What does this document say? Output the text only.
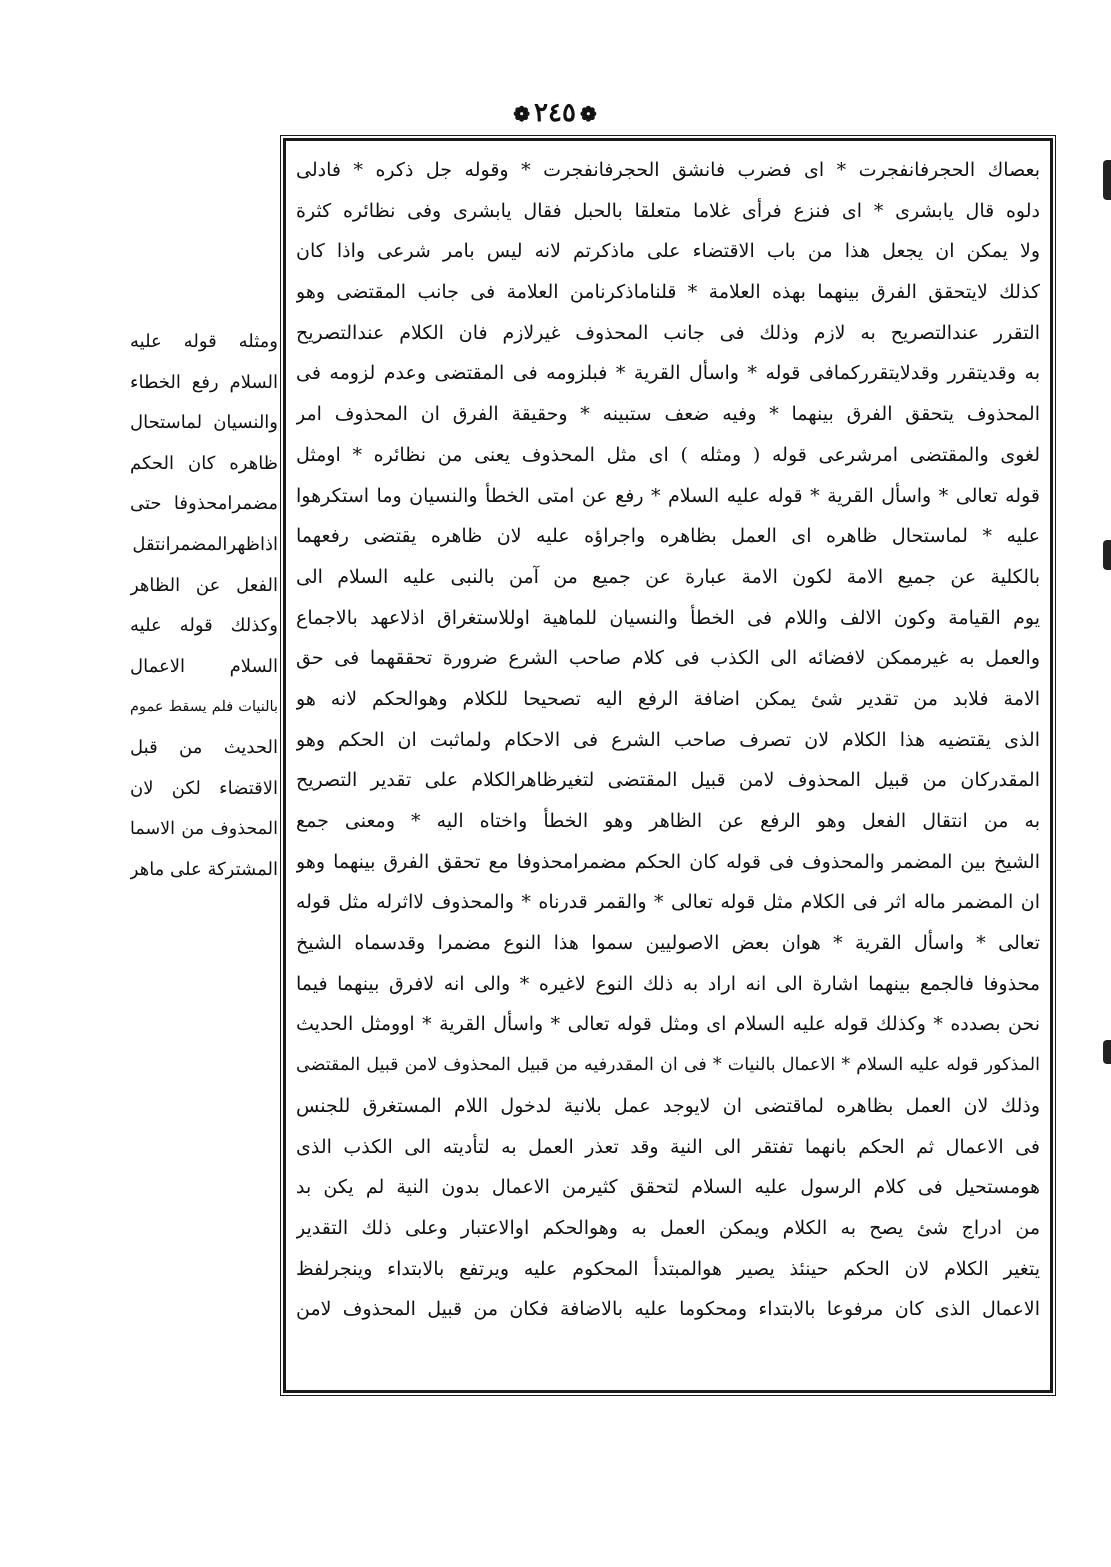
❁٢٤٥❁
بعصاك الحجرفانفجرت * اى فضرب فانشق الحجرفانفجرت * وقوله جل ذكره * فادلى
دلوه قال يابشرى * اى فنزع فرأى غلاما متعلقا بالحبل فقال يابشرى وفى نظائره كثرة
ولا يمكن ان يجعل هذا من باب الاقتضاء على ماذكرتم لانه ليس بامر شرعى واذا كان
كذلك لايتحقق الفرق بينهما بهذه العلامة * قلناماذكرنامن العلامة فى جانب المقتضى وهو
التقرر عندالتصريح به لازم وذلك فى جانب المحذوف غيرلازم فان الكلام عندالتصريح
به وقديتقرر وقدلايتقرركمافى قوله * واسأل القرية * فبلزومه فى المقتضى وعدم لزومه فى
المحذوف يتحقق الفرق بينهما * وفيه ضعف ستبينه * وحقيقة الفرق ان المحذوف امر
لغوى والمقتضى امرشرعى قوله ( ومثله ) اى مثل المحذوف يعنى من نظائره * اومثل
قوله تعالى * واسأل القرية * قوله عليه السلام * رفع عن امتى الخطأ والنسيان وما استكرهوا
عليه * لماستحال ظاهره اى العمل بظاهره واجراؤه عليه لان ظاهره يقتضى رفعهما
بالكلية عن جميع الامة لكون الامة عبارة عن جميع من آمن بالنبى عليه السلام الى
يوم القيامة وكون الالف واللام فى الخطأ والنسيان للماهية اوللاستغراق اذلاعهد بالاجماع
والعمل به غيرممكن لافضائه الى الكذب فى كلام صاحب الشرع ضرورة تحققهما فى حق
الامة فلابد من تقدير شئ يمكن اضافة الرفع اليه تصحيحا للكلام وهوالحكم لانه هو
الذى يقتضيه هذا الكلام لان تصرف صاحب الشرع فى الاحكام ولماثبت ان الحكم وهو
المقدركان من قبيل المحذوف لامن قبيل المقتضى لتغيرظاهرالكلام على تقدير التصريح
به من انتقال الفعل وهو الرفع عن الظاهر وهو الخطأ واختاه اليه * ومعنى جمع
الشيخ بين المضمر والمحذوف فى قوله كان الحكم مضمرامحذوفا مع تحقق الفرق بينهما وهو
ان المضمر ماله اثر فى الكلام مثل قوله تعالى * والقمر قدرناه * والمحذوف لااثرله مثل قوله
تعالى * واسأل القرية * هوان بعض الاصوليين سموا هذا النوع مضمرا وقدسماه الشيخ
محذوفا فالجمع بينهما اشارة الى انه اراد به ذلك النوع لاغيره * والى انه لافرق بينهما فيما
نحن بصدده * وكذلك قوله عليه السلام اى ومثل قوله تعالى * واسأل القرية * اوومثل الحديث
المذكور قوله عليه السلام * الاعمال بالنيات * فى ان المقدرفيه من قبيل المحذوف لامن قبيل المقتضى
وذلك لان العمل بظاهره لماقتضى ان لايوجد عمل بلانية لدخول اللام المستغرق للجنس
فى الاعمال ثم الحكم بانهما تفتقر الى النية وقد تعذر العمل به لتأديته الى الكذب الذى
هومستحيل فى كلام الرسول عليه السلام لتحقق كثيرمن الاعمال بدون النية لم يكن بد
من ادراج شئ يصح به الكلام ويمكن العمل به وهوالحكم اوالاعتبار وعلى ذلك التقدير
يتغير الكلام لان الحكم حينئذ يصير هوالمبتدأ المحكوم عليه ويرتفع بالابتداء وينجرلفظ
الاعمال الذى كان مرفوعا بالابتداء ومحكوما عليه بالاضافة فكان من قبيل المحذوف لامن
ومثله قوله عليه
السلام رفع الخطاء
والنسيان لماستحال
ظاهره كان الحكم
مضمرامحذوفا حتى
اذاظهرالمضمرانتقل
الفعل عن الظاهر
وكذلك قوله عليه
السلام الاعمال
بالنيات فلم يسقط عموم
الحديث من قبل
الاقتضاء لكن لان
المحذوف من الاسما
المشتركة على ماهر
